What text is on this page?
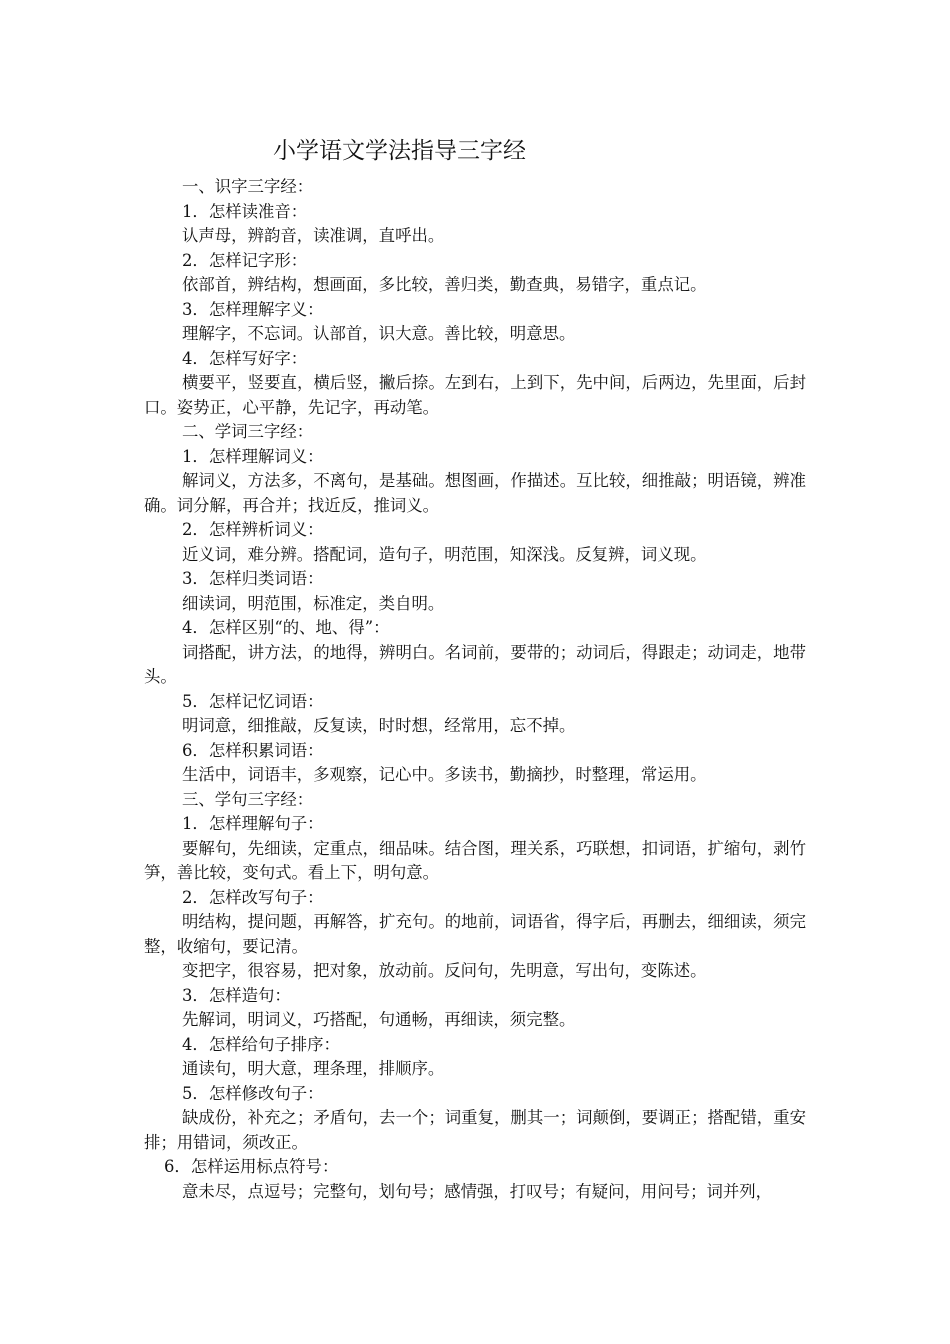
小学语文学法指导三字经

一、识字三字经：

1．怎样读准音：

认声母，辨韵音，读准调，直呼出。

2．怎样记字形：

依部首，辨结构，想画面，多比较，善归类，勤查典，易错字，重点记。

3．怎样理解字义：

理解字，不忘词。认部首，识大意。善比较，明意思。

4．怎样写好字：

横要平，竖要直，横后竖，撇后捺。左到右，上到下，先中间，后两边，先里面，后封口。姿势正，心平静，先记字，再动笔。

二、学词三字经：

1．怎样理解词义：

解词义，方法多，不离句，是基础。想图画，作描述。互比较，细推敲；明语镜，辨准确。词分解，再合并；找近反，推词义。

2．怎样辨析词义：

近义词，难分辨。搭配词，造句子，明范围，知深浅。反复辨，词义现。

3．怎样归类词语：

细读词，明范围，标准定，类自明。

4．怎样区别“的、地、得”：

词搭配，讲方法，的地得，辨明白。名词前，要带的；动词后，得跟走；动词走，地带头。

5．怎样记忆词语：

明词意，细推敲，反复读，时时想，经常用，忘不掉。

6．怎样积累词语：

生活中，词语丰，多观察，记心中。多读书，勤摘抄，时整理，常运用。

三、学句三字经：

1．怎样理解句子：

要解句，先细读，定重点，细品味。结合图，理关系，巧联想，扣词语，扩缩句，剥竹笋，善比较，变句式。看上下，明句意。

2．怎样改写句子：

明结构，提问题，再解答，扩充句。的地前，词语省，得字后，再删去，细细读，须完整，收缩句，要记清。

变把字，很容易，把对象，放动前。反问句，先明意，写出句，变陈述。

3．怎样造句：

先解词，明词义，巧搭配，句通畅，再细读，须完整。

4．怎样给句子排序：

通读句，明大意，理条理，排顺序。

5．怎样修改句子：

缺成份，补充之；矛盾句，去一个；词重复，删其一；词颠倒，要调正；搭配错，重安排；用错词，须改正。

6．怎样运用标点符号：

意未尽，点逗号；完整句，划句号；感情强，打叹号；有疑问，用问号；词并列，
